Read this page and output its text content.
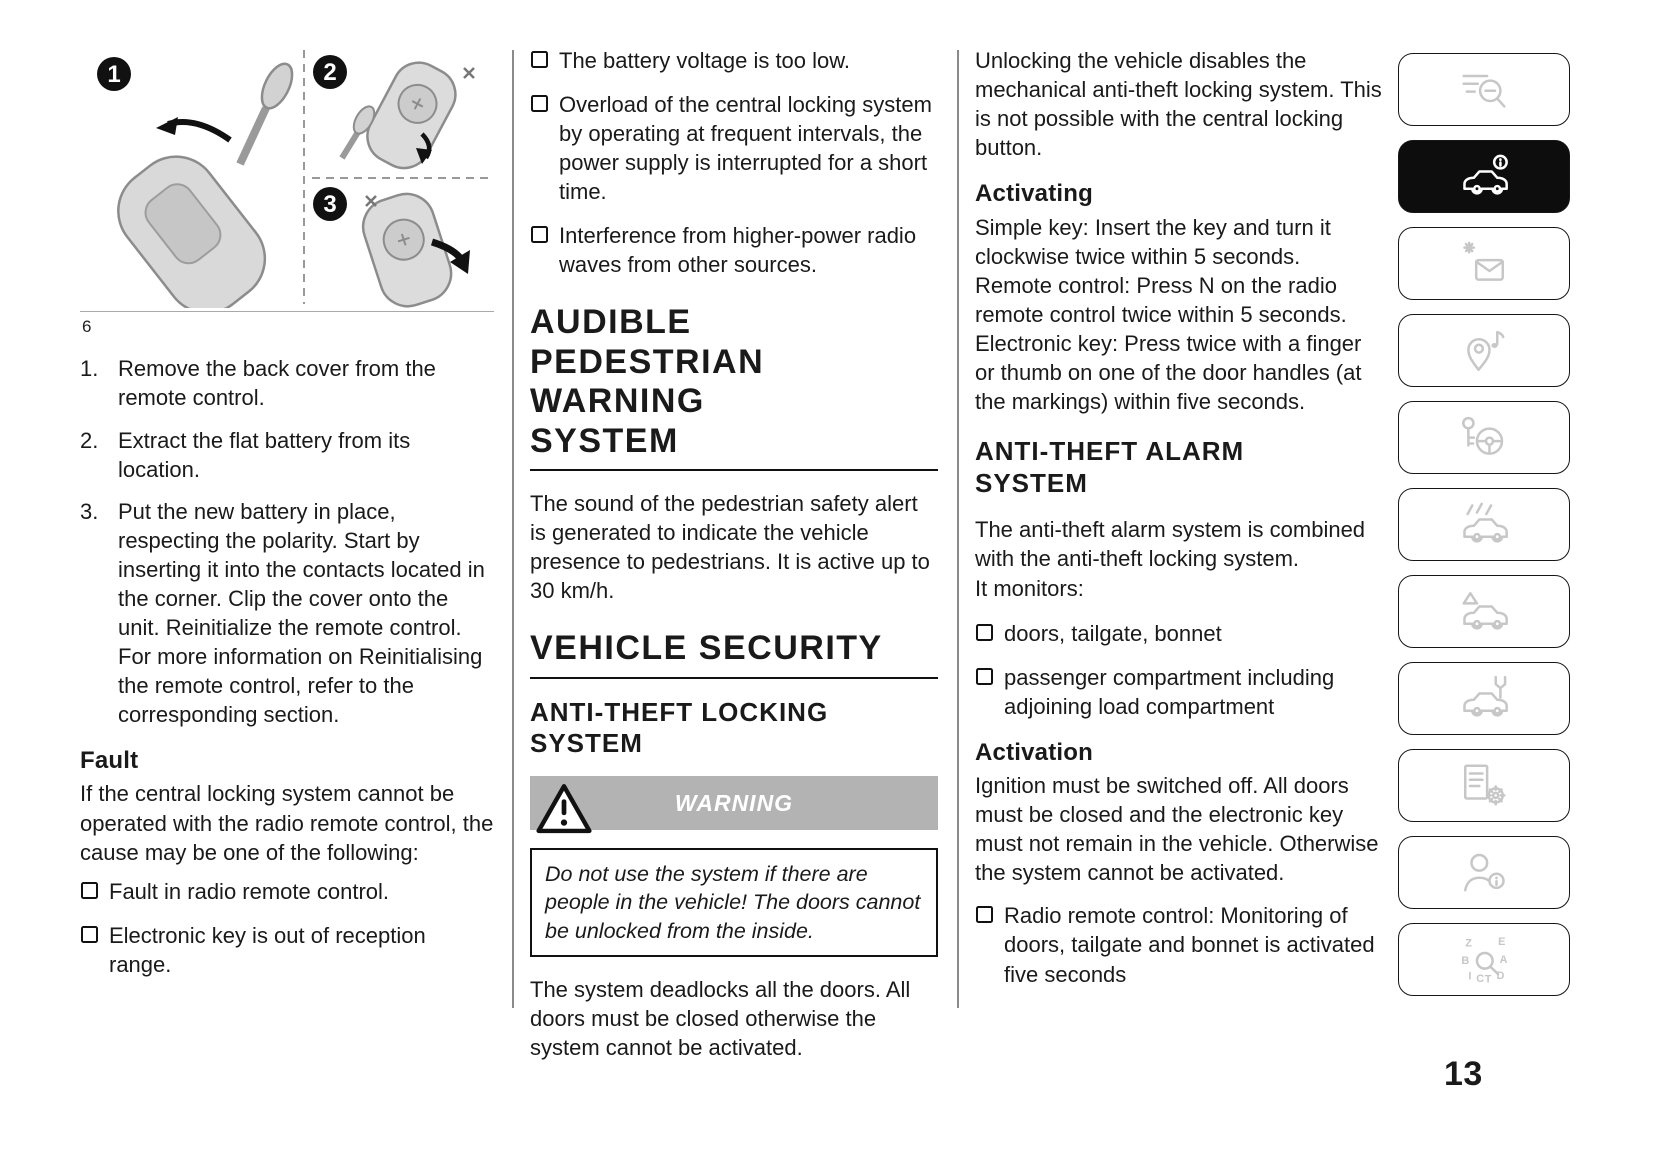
1	2
3
6
1. Remove the back cover from the remote control.
2. Extract the flat battery from its location.
3. Put the new battery in place, respecting the polarity. Start by inserting it into the contacts located in the corner. Clip the cover onto the unit. Reinitialize the remote control. For more information on Reinitialising the remote control, refer to the corresponding section.
Fault

If the central locking system cannot be operated with the radio remote control, the cause may be one of the following:

Fault in radio remote control.
Electronic key is out of reception range.
The battery voltage is too low.
Overload of the central locking system by operating at frequent intervals, the power supply is interrupted for a short time.
Interference from higher-power radio waves from other sources.
AUDIBLE PEDESTRIAN WARNING SYSTEM

The sound of the pedestrian safety alert is generated to indicate the vehicle presence to pedestrians. It is active up to 30 km/h.

VEHICLE SECURITY
ANTI-THEFT LOCKING SYSTEM
WARNING
Do not use the system if there are people in the vehicle! The doors cannot be unlocked from the inside.

The system deadlocks all the doors. All doors must be closed otherwise the system cannot be activated.

Unlocking the vehicle disables the mechanical anti-theft locking system. This is not possible with the central locking button.

Activating
Simple key: Insert the key and turn it clockwise twice within 5 seconds.
Remote control: Press N on the radio remote control twice within 5 seconds.
Electronic key: Press twice with a finger or thumb on one of the door handles (at the markings) within five seconds.
ANTI-THEFT ALARM SYSTEM

The anti-theft alarm system is combined with the anti-theft locking system.

It monitors:

doors, tailgate, bonnet
passenger compartment including adjoining load compartment
Activation

Ignition must be switched off. All doors must be closed and the electronic key must not remain in the vehicle. Otherwise the system cannot be activated.

Radio remote control: Monitoring of doors, tailgate and bonnet is activated five seconds
Z E
B A
I C T D
13
